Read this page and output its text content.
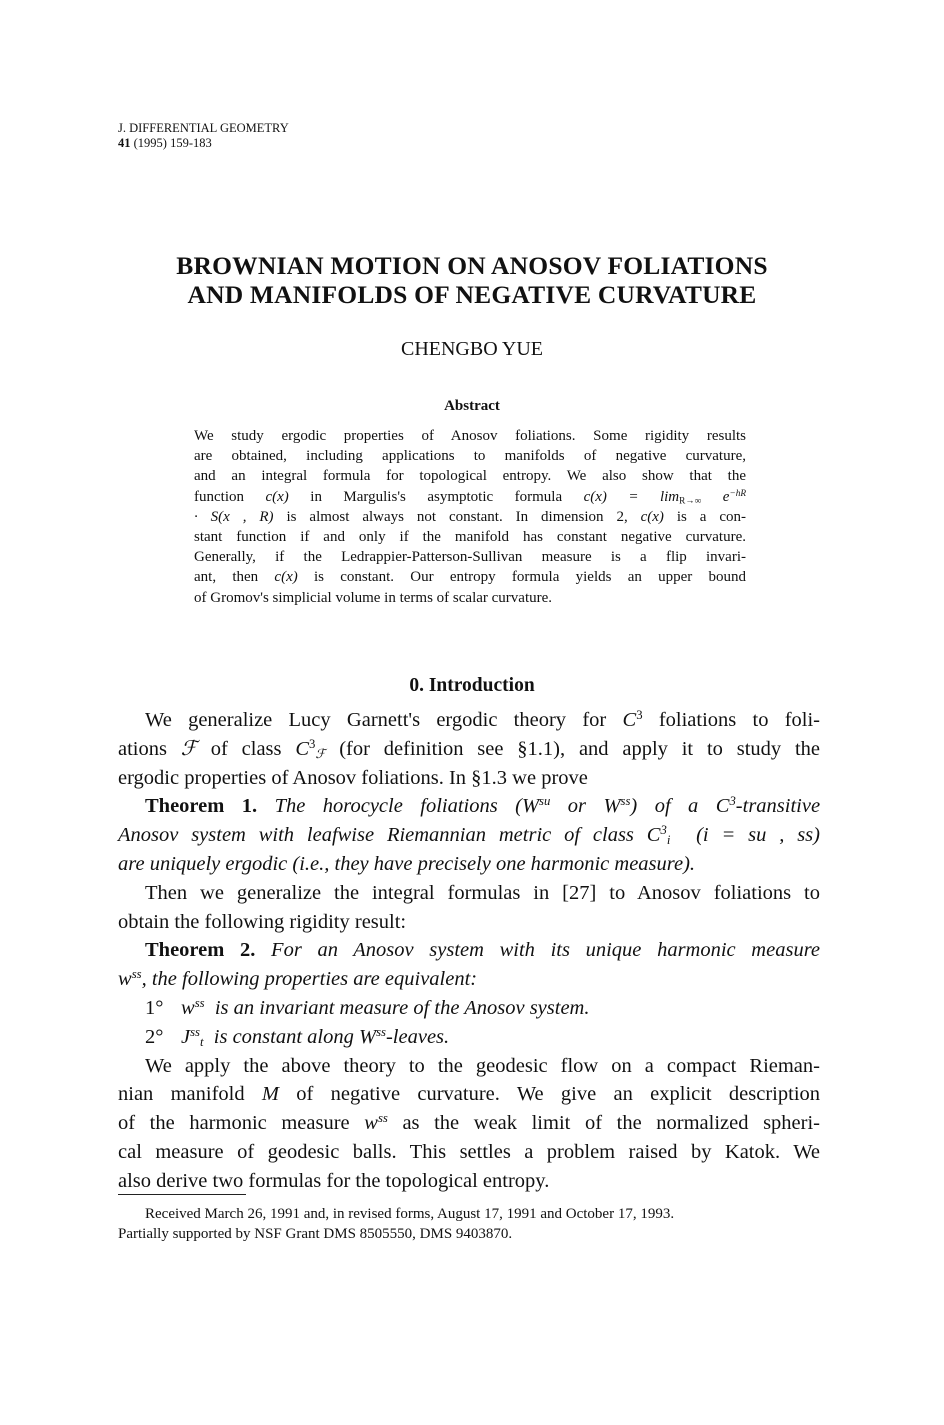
J. DIFFERENTIAL GEOMETRY
41 (1995) 159-183
BROWNIAN MOTION ON ANOSOV FOLIATIONS
AND MANIFOLDS OF NEGATIVE CURVATURE
CHENGBO YUE
Abstract
We study ergodic properties of Anosov foliations. Some rigidity results
are obtained, including applications to manifolds of negative curvature,
and an integral formula for topological entropy. We also show that the
function c(x) in Margulis's asymptotic formula $c(x) = \lim_{R\to\infty} e^{-hR}$
· S(x , R) is almost always not constant. In dimension 2, c(x) is a con-
stant function if and only if the manifold has constant negative curvature.
Generally, if the Ledrappier-Patterson-Sullivan measure is a flip invari-
ant, then c(x) is constant. Our entropy formula yields an upper bound
of Gromov's simplicial volume in terms of scalar curvature.
0. Introduction
We generalize Lucy Garnett's ergodic theory for $C^3$ foliations to foli-
ations ℱ of class $C^3_ℱ$ (for definition see §1.1), and apply it to study the
ergodic properties of Anosov foliations. In §1.3 we prove
Theorem 1. The horocycle foliations ($W^{su}$ or $W^{ss}$) of a $C^3$-transitive
Anosov system with leafwise Riemannian metric of class $C^3_i$ (i = su , ss)
are uniquely ergodic (i.e., they have precisely one harmonic measure).
Then we generalize the integral formulas in [27] to Anosov foliations to
obtain the following rigidity result:
Theorem 2. For an Anosov system with its unique harmonic measure
$w^{ss}$, the following properties are equivalent:
1° $w^{ss}$ is an invariant measure of the Anosov system.
2° $J^{ss}_t$ is constant along $W^{ss}$-leaves.
We apply the above theory to the geodesic flow on a compact Rieman-
nian manifold M of negative curvature. We give an explicit description
of the harmonic measure $w^{ss}$ as the weak limit of the normalized spheri-
cal measure of geodesic balls. This settles a problem raised by Katok. We
also derive two formulas for the topological entropy.
Received March 26, 1991 and, in revised forms, August 17, 1991 and October 17, 1993.
Partially supported by NSF Grant DMS 8505550, DMS 9403870.
